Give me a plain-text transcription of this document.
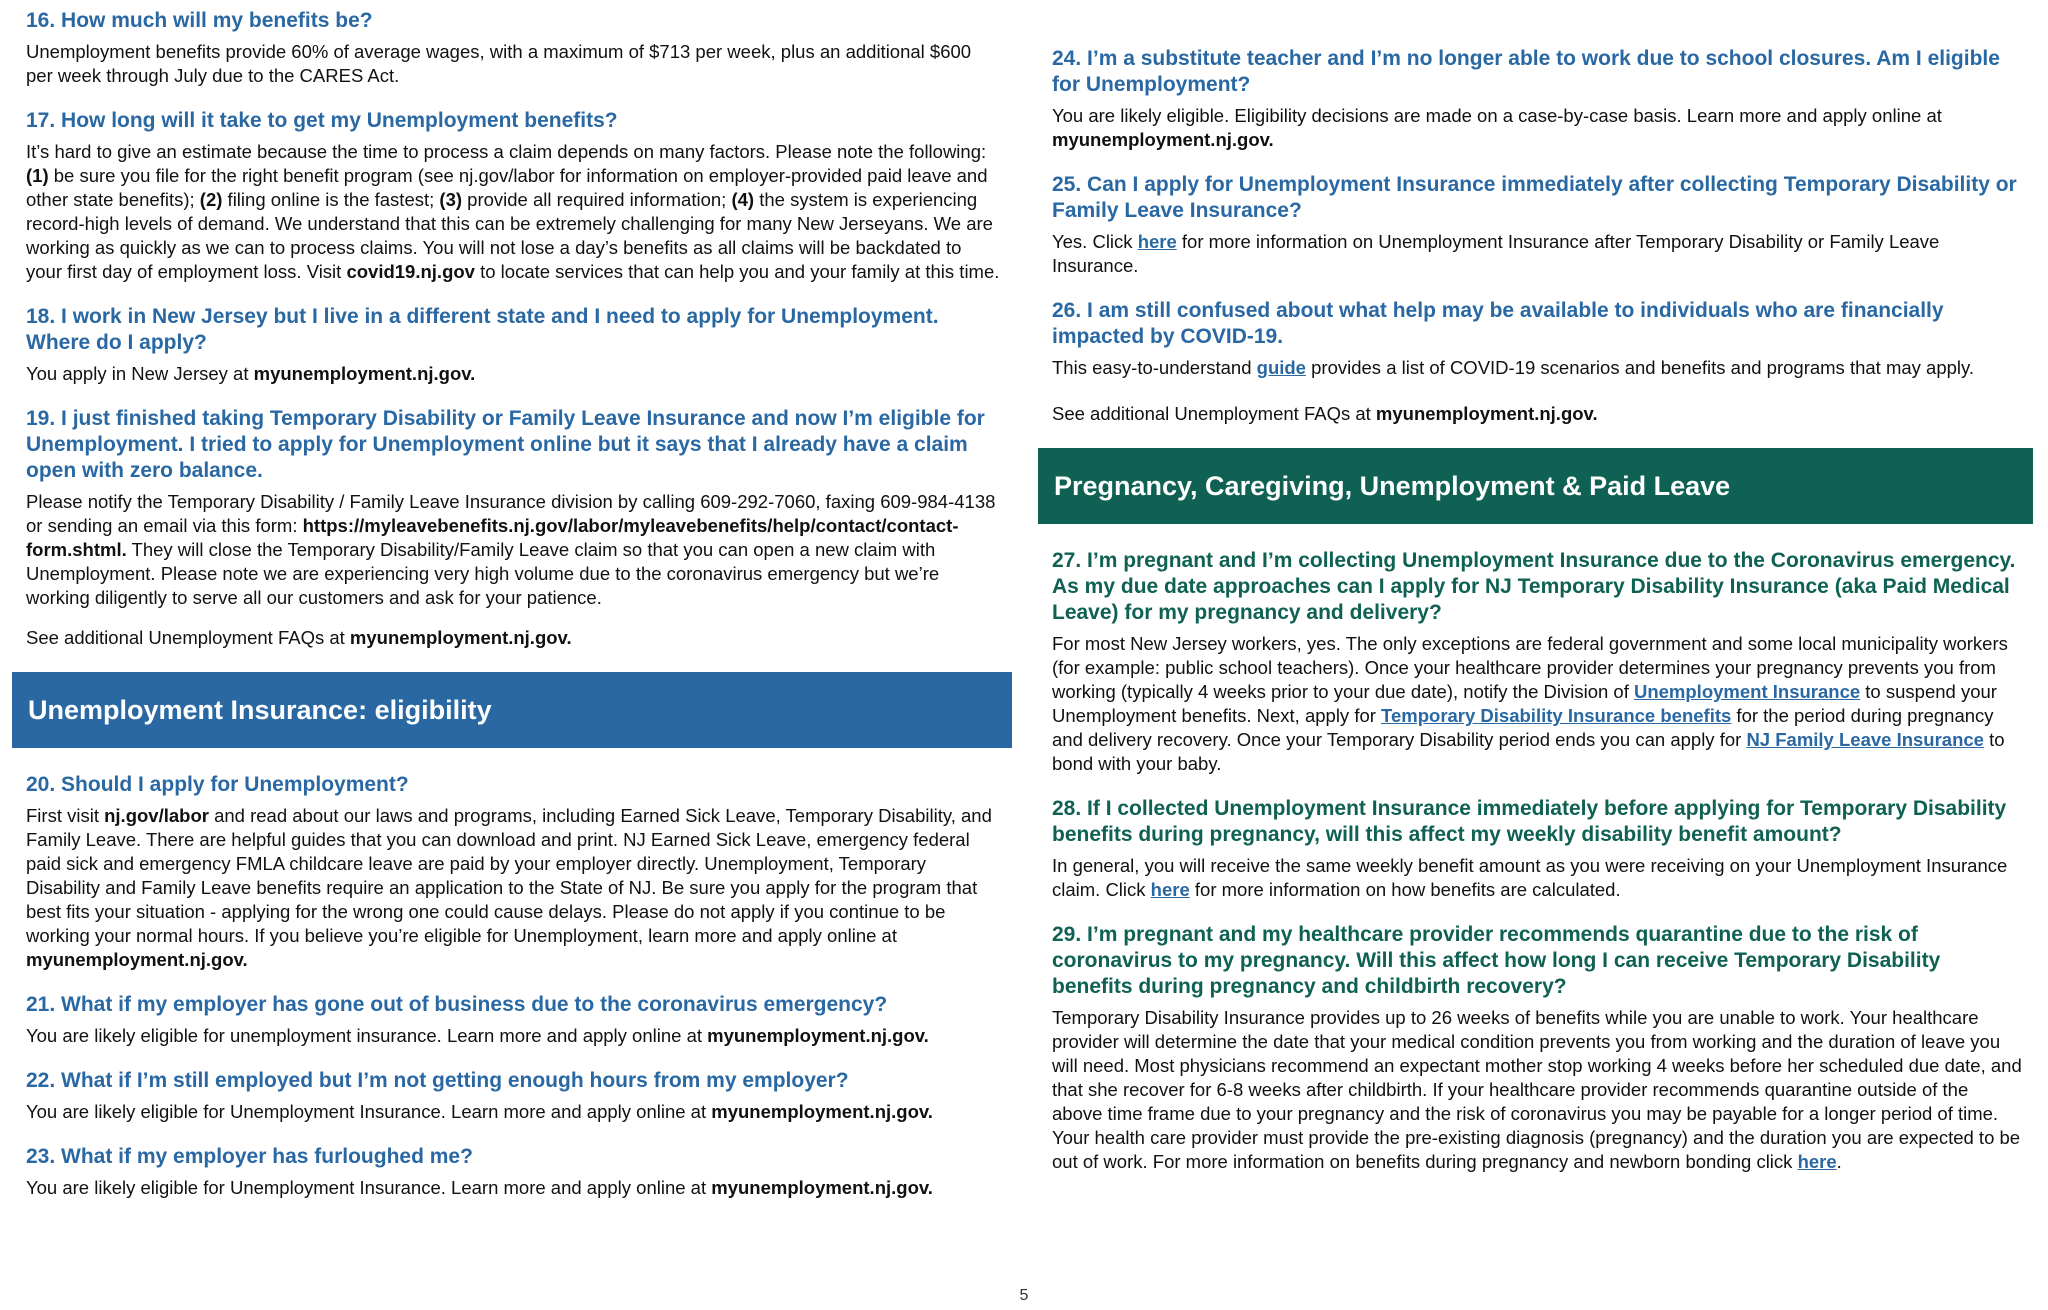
16. How much will my benefits be?

Unemployment benefits provide 60% of average wages, with a maximum of $713 per week, plus an additional $600 per week through July due to the CARES Act.

17. How long will it take to get my Unemployment benefits?

It’s hard to give an estimate because the time to process a claim depends on many factors. Please note the following: (1) be sure you file for the right benefit program (see nj.gov/labor for information on employer-provided paid leave and other state benefits); (2) filing online is the fastest; (3) provide all required information; (4) the system is experiencing record-high levels of demand. We understand that this can be extremely challenging for many New Jerseyans. We are working as quickly as we can to process claims. You will not lose a day’s benefits as all claims will be backdated to your first day of employment loss. Visit covid19.nj.gov to locate services that can help you and your family at this time.

18. I work in New Jersey but I live in a different state and I need to apply for Unemployment. Where do I apply?

You apply in New Jersey at myunemployment.nj.gov.

19. I just finished taking Temporary Disability or Family Leave Insurance and now I’m eligible for Unemployment. I tried to apply for Unemployment online but it says that I already have a claim open with zero balance.

Please notify the Temporary Disability / Family Leave Insurance division by calling 609-292-7060, faxing 609-984-4138 or sending an email via this form: https://myleavebenefits.nj.gov/labor/myleavebenefits/help/contact/contact-form.shtml. They will close the Temporary Disability/Family Leave claim so that you can open a new claim with Unemployment. Please note we are experiencing very high volume due to the coronavirus emergency but we’re working diligently to serve all our customers and ask for your patience.

See additional Unemployment FAQs at myunemployment.nj.gov.

Unemployment Insurance: eligibility
20. Should I apply for Unemployment?

First visit nj.gov/labor and read about our laws and programs, including Earned Sick Leave, Temporary Disability, and Family Leave. There are helpful guides that you can download and print. NJ Earned Sick Leave, emergency federal paid sick and emergency FMLA childcare leave are paid by your employer directly. Unemployment, Temporary Disability and Family Leave benefits require an application to the State of NJ. Be sure you apply for the program that best fits your situation - applying for the wrong one could cause delays. Please do not apply if you continue to be working your normal hours. If you believe you’re eligible for Unemployment, learn more and apply online at myunemployment.nj.gov.

21. What if my employer has gone out of business due to the coronavirus emergency?

You are likely eligible for unemployment insurance. Learn more and apply online at myunemployment.nj.gov.

22. What if I’m still employed but I’m not getting enough hours from my employer?

You are likely eligible for Unemployment Insurance. Learn more and apply online at myunemployment.nj.gov.

23. What if my employer has furloughed me?

You are likely eligible for Unemployment Insurance. Learn more and apply online at myunemployment.nj.gov.

24. I’m a substitute teacher and I’m no longer able to work due to school closures. Am I eligible for Unemployment?

You are likely eligible. Eligibility decisions are made on a case-by-case basis. Learn more and apply online at myunemployment.nj.gov.

25. Can I apply for Unemployment Insurance immediately after collecting Temporary Disability or Family Leave Insurance?

Yes. Click here for more information on Unemployment Insurance after Temporary Disability or Family Leave Insurance.

26. I am still confused about what help may be available to individuals who are financially impacted by COVID-19.

This easy-to-understand guide provides a list of COVID-19 scenarios and benefits and programs that may apply.

See additional Unemployment FAQs at myunemployment.nj.gov.

Pregnancy, Caregiving, Unemployment & Paid Leave
27. I’m pregnant and I’m collecting Unemployment Insurance due to the Coronavirus emergency. As my due date approaches can I apply for NJ Temporary Disability Insurance (aka Paid Medical Leave) for my pregnancy and delivery?

For most New Jersey workers, yes. The only exceptions are federal government and some local municipality workers (for example: public school teachers). Once your healthcare provider determines your pregnancy prevents you from working (typically 4 weeks prior to your due date), notify the Division of Unemployment Insurance to suspend your Unemployment benefits. Next, apply for Temporary Disability Insurance benefits for the period during pregnancy and delivery recovery. Once your Temporary Disability period ends you can apply for NJ Family Leave Insurance to bond with your baby.

28. If I collected Unemployment Insurance immediately before applying for Temporary Disability benefits during pregnancy, will this affect my weekly disability benefit amount?

In general, you will receive the same weekly benefit amount as you were receiving on your Unemployment Insurance claim. Click here for more information on how benefits are calculated.

29. I’m pregnant and my healthcare provider recommends quarantine due to the risk of coronavirus to my pregnancy. Will this affect how long I can receive Temporary Disability benefits during pregnancy and childbirth recovery?

Temporary Disability Insurance provides up to 26 weeks of benefits while you are unable to work. Your healthcare provider will determine the date that your medical condition prevents you from working and the duration of leave you will need. Most physicians recommend an expectant mother stop working 4 weeks before her scheduled due date, and that she recover for 6-8 weeks after childbirth. If your healthcare provider recommends quarantine outside of the above time frame due to your pregnancy and the risk of coronavirus you may be payable for a longer period of time. Your health care provider must provide the pre-existing diagnosis (pregnancy) and the duration you are expected to be out of work. For more information on benefits during pregnancy and newborn bonding click here.

5
